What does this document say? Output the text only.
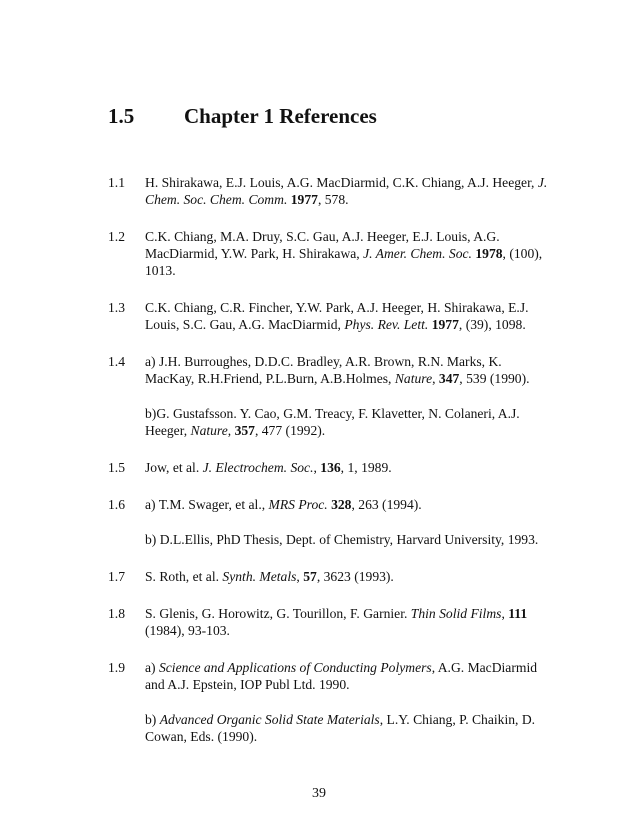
1.5 Chapter 1 References
1.1	H. Shirakawa, E.J. Louis, A.G. MacDiarmid, C.K. Chiang, A.J. Heeger, J. Chem. Soc. Chem. Comm. 1977, 578.
1.2	C.K. Chiang, M.A. Druy, S.C. Gau, A.J. Heeger, E.J. Louis, A.G. MacDiarmid, Y.W. Park, H. Shirakawa, J. Amer. Chem. Soc. 1978, (100), 1013.
1.3	C.K. Chiang, C.R. Fincher, Y.W. Park, A.J. Heeger, H. Shirakawa, E.J. Louis, S.C. Gau, A.G. MacDiarmid, Phys. Rev. Lett. 1977, (39), 1098.
1.4	a) J.H. Burroughes, D.D.C. Bradley, A.R. Brown, R.N. Marks, K. MacKay, R.H.Friend, P.L.Burn, A.B.Holmes, Nature, 347, 539 (1990).
b)G. Gustafsson. Y. Cao, G.M. Treacy, F. Klavetter, N. Colaneri, A.J. Heeger, Nature, 357, 477 (1992).
1.5	Jow, et al. J. Electrochem. Soc., 136, 1, 1989.
1.6	a) T.M. Swager, et al., MRS Proc. 328, 263 (1994).
b) D.L.Ellis, PhD Thesis, Dept. of Chemistry, Harvard University, 1993.
1.7	S. Roth, et al. Synth. Metals, 57, 3623 (1993).
1.8	S. Glenis, G. Horowitz, G. Tourillon, F. Garnier. Thin Solid Films, 111 (1984), 93-103.
1.9	a) Science and Applications of Conducting Polymers, A.G. MacDiarmid and A.J. Epstein, IOP Publ Ltd. 1990.
b) Advanced Organic Solid State Materials, L.Y. Chiang, P. Chaikin, D. Cowan, Eds. (1990).
39
